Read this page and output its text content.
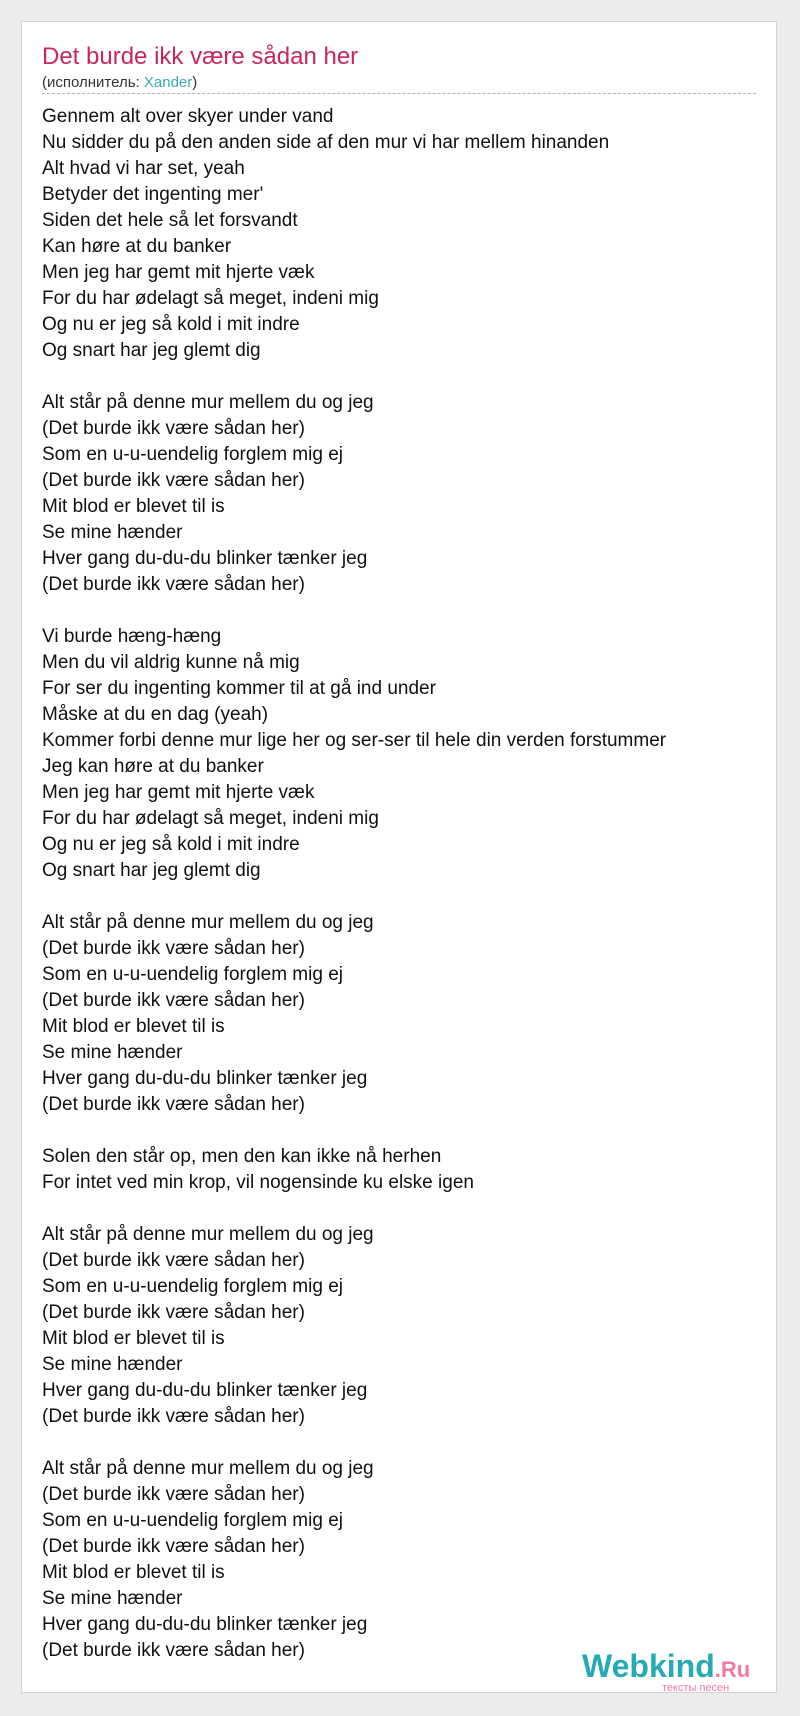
Det burde ikk være sådan her
(исполнитель: Xander)
Gennem alt over skyer under vand
Nu sidder du på den anden side af den mur vi har mellem hinanden
Alt hvad vi har set, yeah
Betyder det ingenting mer'
Siden det hele så let forsvandt
Kan høre at du banker
Men jeg har gemt mit hjerte væk
For du har ødelagt så meget, indeni mig
Og nu er jeg så kold i mit indre
Og snart har jeg glemt dig
Alt står på denne mur mellem du og jeg
(Det burde ikk være sådan her)
Som en u-u-uendelig forglem mig ej
(Det burde ikk være sådan her)
Mit blod er blevet til is
Se mine hænder
Hver gang du-du-du blinker tænker jeg
(Det burde ikk være sådan her)
Vi burde hæng-hæng
Men du vil aldrig kunne nå mig
For ser du ingenting kommer til at gå ind under
Måske at du en dag (yeah)
Kommer forbi denne mur lige her og ser-ser til hele din verden forstummer
Jeg kan høre at du banker
Men jeg har gemt mit hjerte væk
For du har ødelagt så meget, indeni mig
Og nu er jeg så kold i mit indre
Og snart har jeg glemt dig
Alt står på denne mur mellem du og jeg
(Det burde ikk være sådan her)
Som en u-u-uendelig forglem mig ej
(Det burde ikk være sådan her)
Mit blod er blevet til is
Se mine hænder
Hver gang du-du-du blinker tænker jeg
(Det burde ikk være sådan her)
Solen den står op, men den kan ikke nå herhen
For intet ved min krop, vil nogensinde ku elske igen
Alt står på denne mur mellem du og jeg
(Det burde ikk være sådan her)
Som en u-u-uendelig forglem mig ej
(Det burde ikk være sådan her)
Mit blod er blevet til is
Se mine hænder
Hver gang du-du-du blinker tænker jeg
(Det burde ikk være sådan her)
Alt står på denne mur mellem du og jeg
(Det burde ikk være sådan her)
Som en u-u-uendelig forglem mig ej
(Det burde ikk være sådan her)
Mit blod er blevet til is
Se mine hænder
Hver gang du-du-du blinker tænker jeg
(Det burde ikk være sådan her)	Webkind.Ru
тексты песен
